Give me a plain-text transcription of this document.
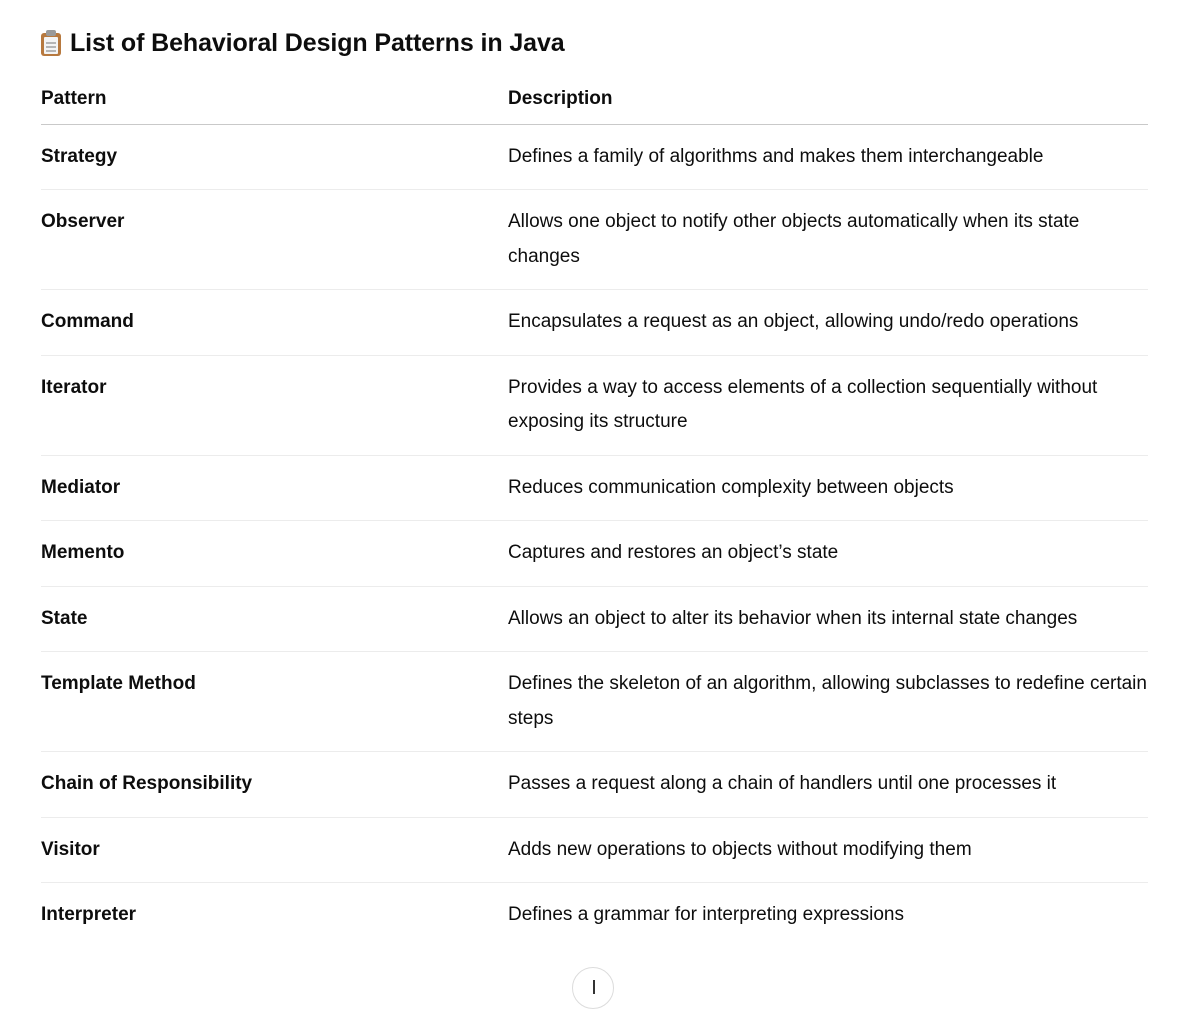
List of Behavioral Design Patterns in Java
Pattern	Description
Strategy	Defines a family of algorithms and makes them interchangeable
Observer	Allows one object to notify other objects automatically when its state changes
Command	Encapsulates a request as an object, allowing undo/redo operations
Iterator	Provides a way to access elements of a collection sequentially without exposing its structure
Mediator	Reduces communication complexity between objects
Memento	Captures and restores an object’s state
State	Allows an object to alter its behavior when its internal state changes
Template Method	Defines the skeleton of an algorithm, allowing subclasses to redefine certain steps
Chain of Responsibility	Passes a request along a chain of handlers until one processes it
Visitor	Adds new operations to objects without modifying them
Interpreter	Defines a grammar for interpreting expressions
